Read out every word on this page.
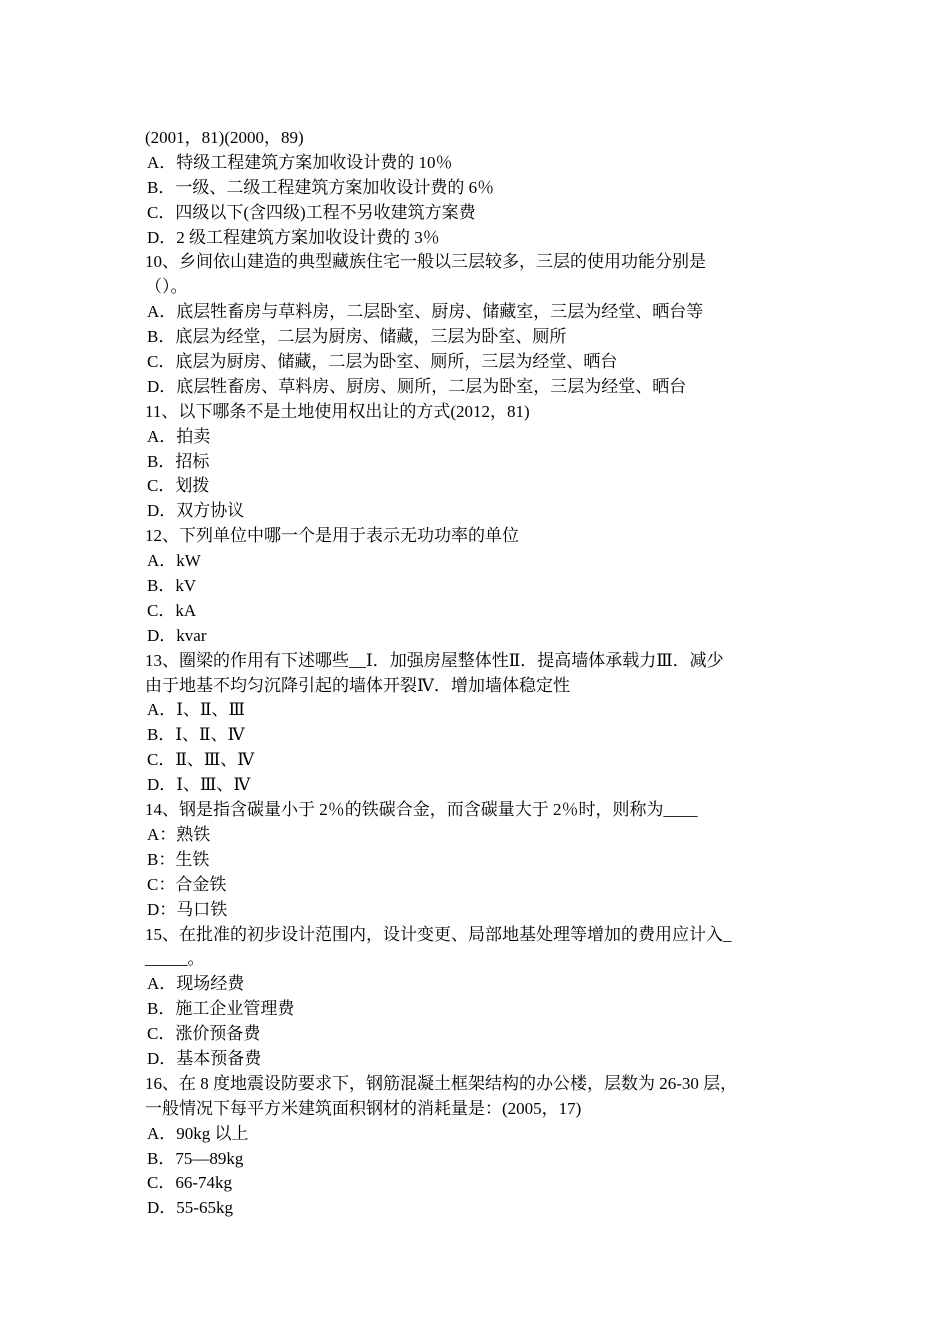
(2001，81)(2000，89)
A．特级工程建筑方案加收设计费的 10％
B．一级、二级工程建筑方案加收设计费的 6％
C．四级以下(含四级)工程不另收建筑方案费
D．2 级工程建筑方案加收设计费的 3％
10、乡间依山建造的典型藏族住宅一般以三层较多，三层的使用功能分别是
（）。
A．底层牲畜房与草料房，二层卧室、厨房、储藏室，三层为经堂、晒台等
B．底层为经堂，二层为厨房、储藏，三层为卧室、厕所
C．底层为厨房、储藏，二层为卧室、厕所，三层为经堂、晒台
D．底层牲畜房、草料房、厨房、厕所，二层为卧室，三层为经堂、晒台
11、以下哪条不是土地使用权出让的方式(2012，81)
A．拍卖
B．招标
C．划拨
D．双方协议
12、下列单位中哪一个是用于表示无功功率的单位
A．kW
B．kV
C．kA
D．kvar
13、圈梁的作用有下述哪些__Ⅰ．加强房屋整体性Ⅱ．提高墙体承载力Ⅲ．减少
由于地基不均匀沉降引起的墙体开裂Ⅳ．增加墙体稳定性
A．Ⅰ、Ⅱ、Ⅲ
B．Ⅰ、Ⅱ、Ⅳ
C．Ⅱ、Ⅲ、Ⅳ
D．Ⅰ、Ⅲ、Ⅳ
14、钢是指含碳量小于 2％的铁碳合金，而含碳量大于 2％时，则称为____
A：熟铁
B：生铁
C：合金铁
D：马口铁
15、在批准的初步设计范围内，设计变更、局部地基处理等增加的费用应计入_
_____。
A．现场经费
B．施工企业管理费
C．涨价预备费
D．基本预备费
16、在 8 度地震设防要求下，钢筋混凝土框架结构的办公楼，层数为 26-30 层，
一般情况下每平方米建筑面积钢材的消耗量是：(2005，17)
A．90kg 以上
B．75—89kg
C．66-74kg
D．55-65kg
